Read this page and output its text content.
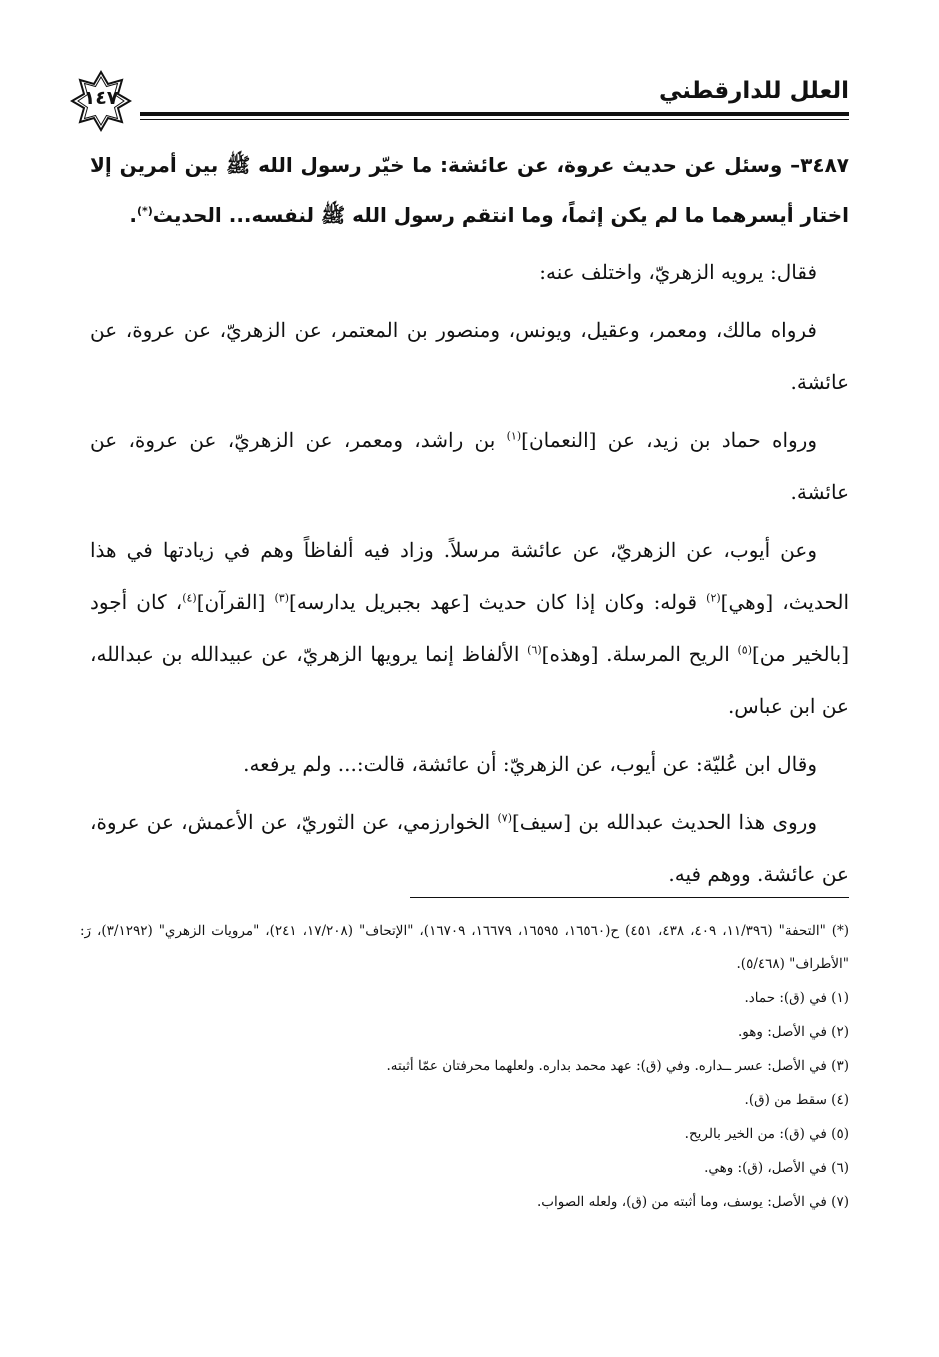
العلل للدارقطني
١٤٧

٣٤٨٧– وسئل عن حديث عروة، عن عائشة: ما خيّر رسول الله ﷺ بين أمرين إلا اختار أيسرهما ما لم يكن إثماً، وما انتقم رسول الله ﷺ لنفسه... الحديث(*).

فقال: يرويه الزهريّ، واختلف عنه:

فرواه مالك، ومعمر، وعقيل، ويونس، ومنصور بن المعتمر، عن الزهريّ، عن عروة، عن عائشة.

ورواه حماد بن زيد، عن [النعمان]$^{(١)}$ بن راشد، ومعمر، عن الزهريّ، عن عروة، عن عائشة.

وعن أيوب، عن الزهريّ، عن عائشة مرسلاً. وزاد فيه ألفاظاً وهم في زيادتها في هذا الحديث، [وهي]$^{(٢)}$ قوله: وكان إذا كان حديث [عهد بجبريل يدارسه]$^{(٣)}$ [القرآن]$^{(٤)}$، كان أجود [بالخير من]$^{(٥)}$ الريح المرسلة. [وهذه]$^{(٦)}$ الألفاظ إنما يرويها الزهريّ، عن عبيدالله بن عبدالله، عن ابن عباس.

وقال ابن عُليّة: عن أيوب، عن الزهريّ: أن عائشة، قالت:... ولم يرفعه.

وروى هذا الحديث عبدالله بن [سيف]$^{(٧)}$ الخوارزمي، عن الثوريّ، عن الأعمش، عن عروة، عن عائشة. ووهم فيه.

(*) "التحفة" (١١/٣٩٦، ٤٠٩، ٤٣٨، ٤٥١) ح(١٦٥٦٠، ١٦٥٩٥، ١٦٦٧٩، ١٦٧٠٩)، "الإتحاف" (١٧/٢٠٨، ٢٤١)، "مرويات الزهري" (٣/١٢٩٢)، رَ: "الأطراف" (٥/٤٦٨).

(١) في (ق): حماد.

(٢) في الأصل: وهو.

(٣) في الأصل: عسر ــداره. وفي (ق): عهد محمد بداره. ولعلهما محرفتان عمّا أثبته.

(٤) سقط من (ق).

(٥) في (ق): من الخير بالريح.

(٦) في الأصل، (ق): وهي.

(٧) في الأصل: يوسف، وما أثبته من (ق)، ولعله الصواب.
